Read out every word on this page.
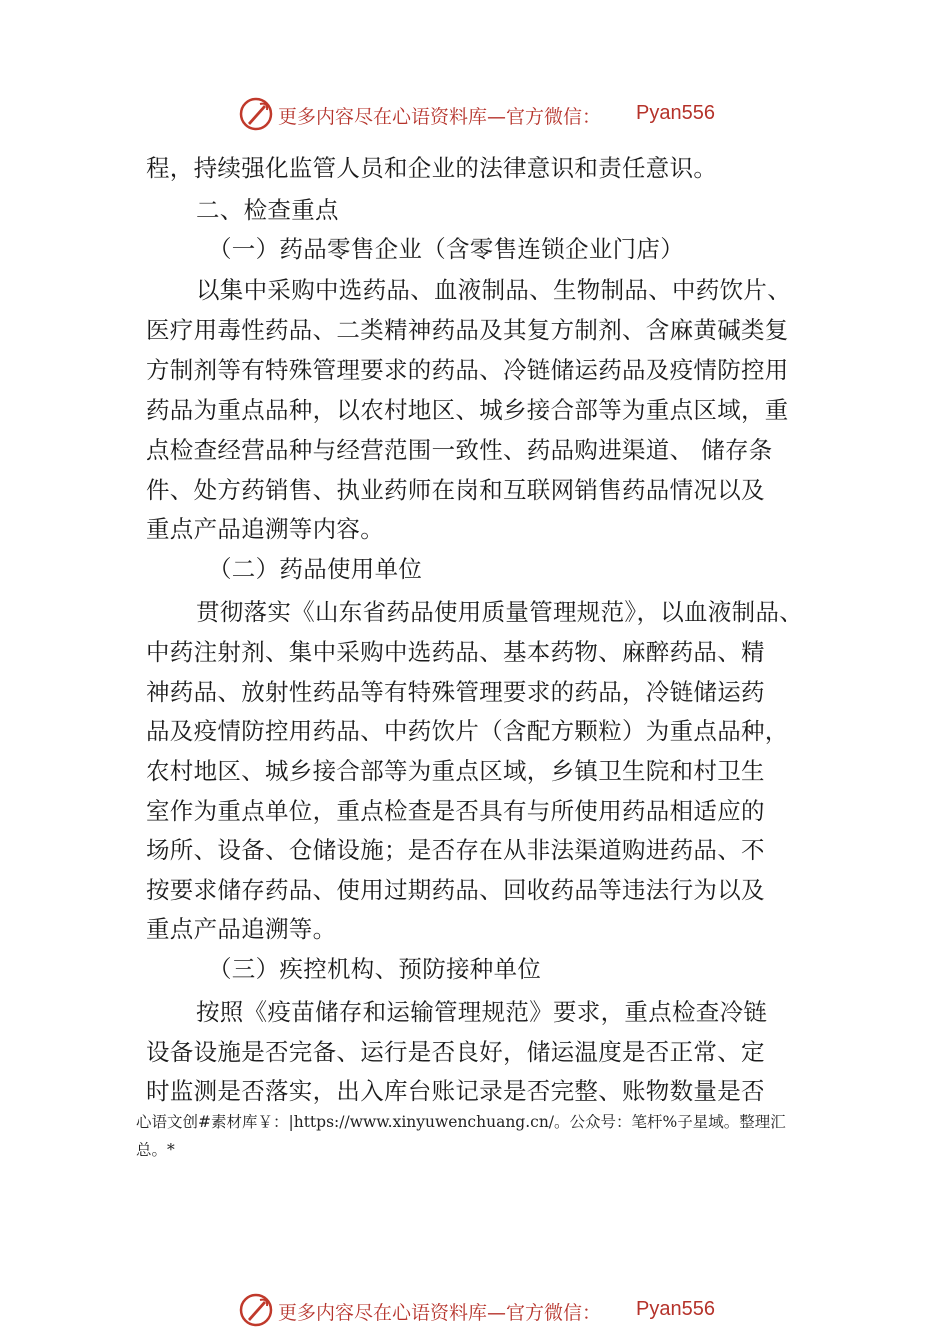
更多内容尽在心语资料库—官方微信： Pyan556
程，持续强化监管人员和企业的法律意识和责任意识。
二、检查重点
（一）药品零售企业（含零售连锁企业门店）
以集中采购中选药品、血液制品、生物制品、中药饮片、
医疗用毒性药品、二类精神药品及其复方制剂、含麻黄碱类复
方制剂等有特殊管理要求的药品、冷链储运药品及疫情防控用
药品为重点品种，以农村地区、城乡接合部等为重点区域，重
点检查经营品种与经营范围一致性、药品购进渠道、 储存条
件、处方药销售、执业药师在岗和互联网销售药品情况以及
重点产品追溯等内容。
（二）药品使用单位
贯彻落实《山东省药品使用质量管理规范》，以血液制品、
中药注射剂、集中采购中选药品、基本药物、麻醉药品、精
神药品、放射性药品等有特殊管理要求的药品，冷链储运药
品及疫情防控用药品、中药饮片（含配方颗粒）为重点品种，
农村地区、城乡接合部等为重点区域，乡镇卫生院和村卫生
室作为重点单位，重点检查是否具有与所使用药品相适应的
场所、设备、仓储设施；是否存在从非法渠道购进药品、不
按要求储存药品、使用过期药品、回收药品等违法行为以及
重点产品追溯等。
（三）疾控机构、预防接种单位
按照《疫苗储存和运输管理规范》要求，重点检查冷链
设备设施是否完备、运行是否良好，储运温度是否正常、定
时监测是否落实，出入库台账记录是否完整、账物数量是否
心语文创#素材库￥：|https://www.xinyuwenchuang.cn/。公众号：笔杆%子星域。整理汇
总。*
更多内容尽在心语资料库—官方微信： Pyan556
